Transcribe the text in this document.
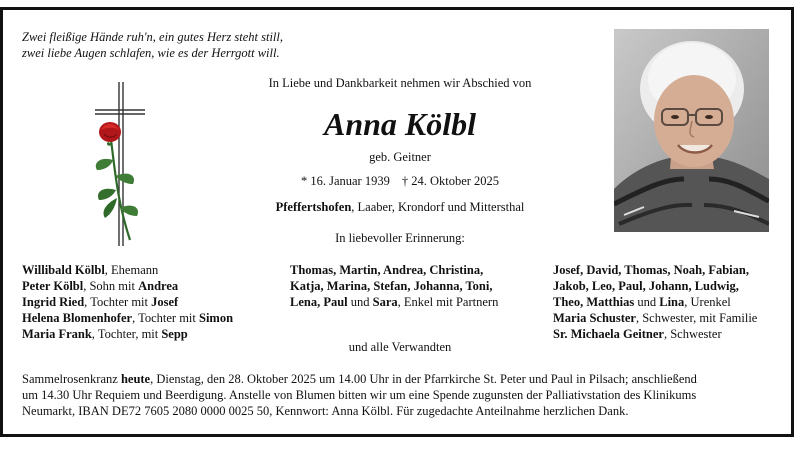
Zwei fleißige Hände ruh'n, ein gutes Herz steht still,
zwei liebe Augen schlafen, wie es der Herrgott will.
In Liebe und Dankbarkeit nehmen wir Abschied von
Anna Kölbl
geb. Geitner
* 16. Januar 1939 † 24. Oktober 2025
Pfeffertshofen, Laaber, Krondorf und Mittersthal
In liebevoller Erinnerung:
Willibald Kölbl, Ehemann
Peter Kölbl, Sohn mit Andrea
Ingrid Ried, Tochter mit Josef
Helena Blomenhofer, Tochter mit Simon
Maria Frank, Tochter, mit Sepp
Thomas, Martin, Andrea, Christina,
Katja, Marina, Stefan, Johanna, Toni,
Lena, Paul und Sara, Enkel mit Partnern
Josef, David, Thomas, Noah, Fabian,
Jakob, Leo, Paul, Johann, Ludwig,
Theo, Matthias und Lina, Urenkel
Maria Schuster, Schwester, mit Familie
Sr. Michaela Geitner, Schwester
und alle Verwandten
Sammelrosenkranz heute, Dienstag, den 28. Oktober 2025 um 14.00 Uhr in der Pfarrkirche St. Peter und Paul in Pilsach; anschließend
um 14.30 Uhr Requiem und Beerdigung. Anstelle von Blumen bitten wir um eine Spende zugunsten der Palliativstation des Klinikums
Neumarkt, IBAN DE72 7605 2080 0000 0025 50, Kennwort: Anna Kölbl. Für zugedachte Anteilnahme herzlichen Dank.
